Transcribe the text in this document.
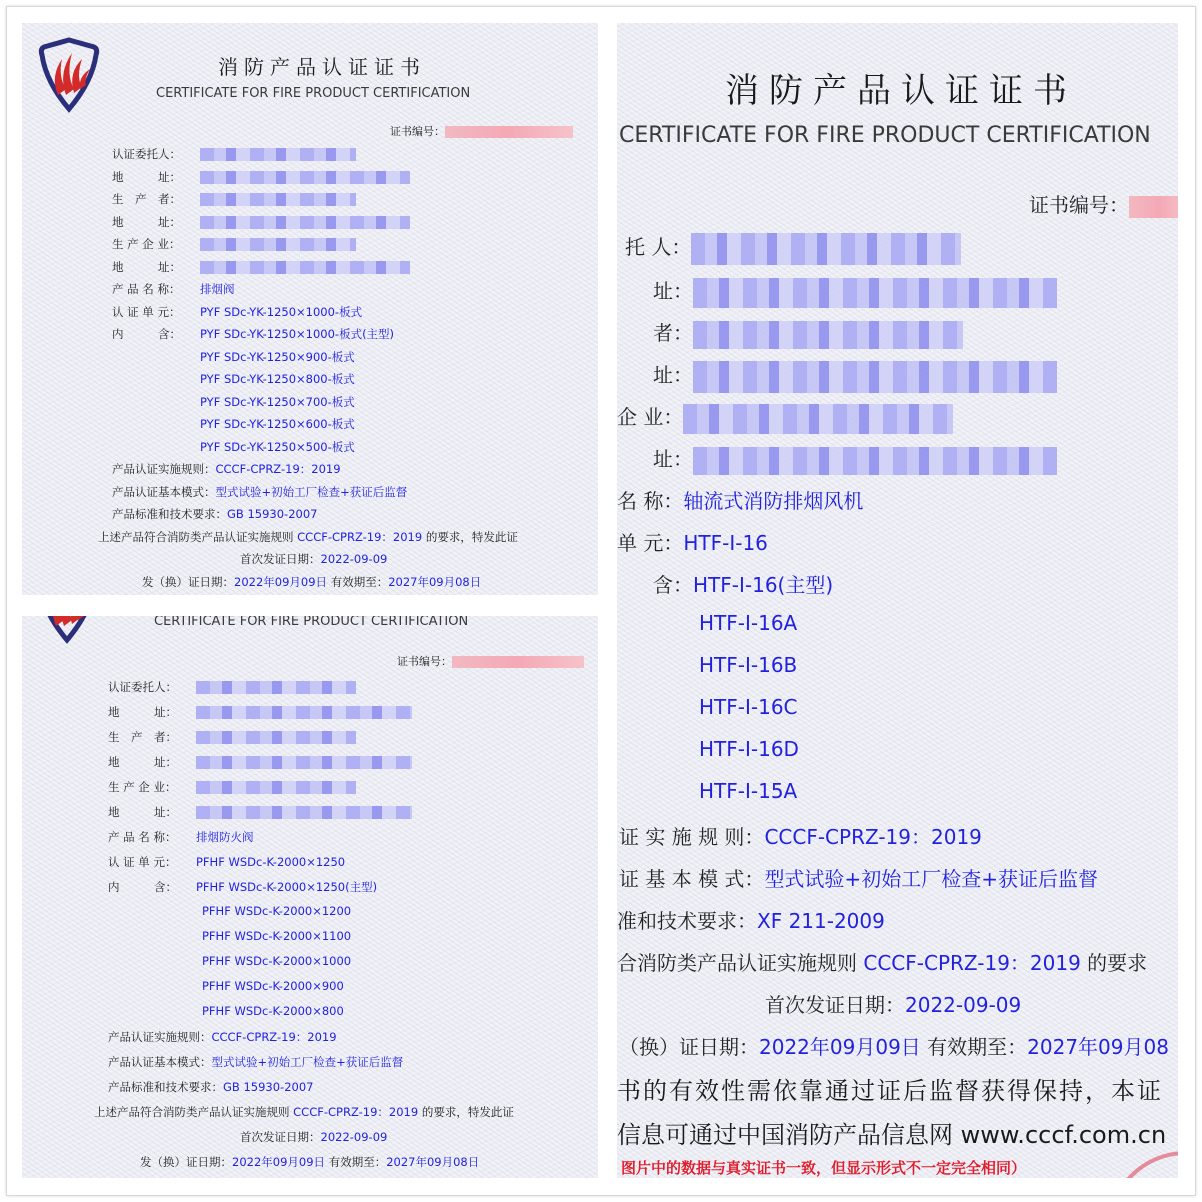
消防产品认证证书
CERTIFICATE FOR FIRE PRODUCT CERTIFICATION
证书编号：
认证委托人：
地　　　址：
生　产　者：
地　　　址：
生 产 企 业：
地　　　址：
产 品 名 称： 排烟阀
认 证 单 元： PYF SDc-YK-1250×1000-板式
内　　　含： PYF SDc-YK-1250×1000-板式(主型)
PYF SDc-YK-1250×900-板式
PYF SDc-YK-1250×800-板式
PYF SDc-YK-1250×700-板式
PYF SDc-YK-1250×600-板式
PYF SDc-YK-1250×500-板式
产品认证实施规则：CCCF-CPRZ-19：2019
产品认证基本模式：型式试验+初始工厂检查+获证后监督
产品标准和技术要求：GB 15930-2007
上述产品符合消防类产品认证实施规则 CCCF-CPRZ-19：2019 的要求，特发此证
首次发证日期：2022-09-09
发（换）证日期：2022年09月09日 有效期至：2027年09月08日
CERTIFICATE FOR FIRE PRODUCT CERTIFICATION
证书编号：
认证委托人：
地　　　址：
生　产　者：
地　　　址：
生 产 企 业：
地　　　址：
产 品 名 称： 排烟防火阀
认 证 单 元： PFHF WSDc-K-2000×1250
内　　　含： PFHF WSDc-K-2000×1250(主型)
PFHF WSDc-K-2000×1200
PFHF WSDc-K-2000×1100
PFHF WSDc-K-2000×1000
PFHF WSDc-K-2000×900
PFHF WSDc-K-2000×800
产品认证实施规则：CCCF-CPRZ-19：2019
产品认证基本模式：型式试验+初始工厂检查+获证后监督
产品标准和技术要求：GB 15930-2007
上述产品符合消防类产品认证实施规则 CCCF-CPRZ-19：2019 的要求，特发此证
首次发证日期：2022-09-09
发（换）证日期：2022年09月09日 有效期至：2027年09月08日
消防产品认证证书
CERTIFICATE FOR FIRE PRODUCT CERTIFICATION
证书编号：
托 人：
址：
者：
址：
企 业：
址：
名 称：轴流式消防排烟风机
单 元：HTF-I-16
含：HTF-I-16(主型)
HTF-I-16A
HTF-I-16B
HTF-I-16C
HTF-I-16D
HTF-I-15A
证 实 施 规 则：CCCF-CPRZ-19：2019
证 基 本 模 式：型式试验+初始工厂检查+获证后监督
准和技术要求：XF 211-2009
合消防类产品认证实施规则 CCCF-CPRZ-19：2019 的要求
首次发证日期：2022-09-09
（换）证日期：2022年09月09日 有效期至：2027年09月08
书的有效性需依靠通过证后监督获得保持，本证
信息可通过中国消防产品信息网 www.cccf.com.cn
图片中的数据与真实证书一致，但显示形式不一定完全相同）
